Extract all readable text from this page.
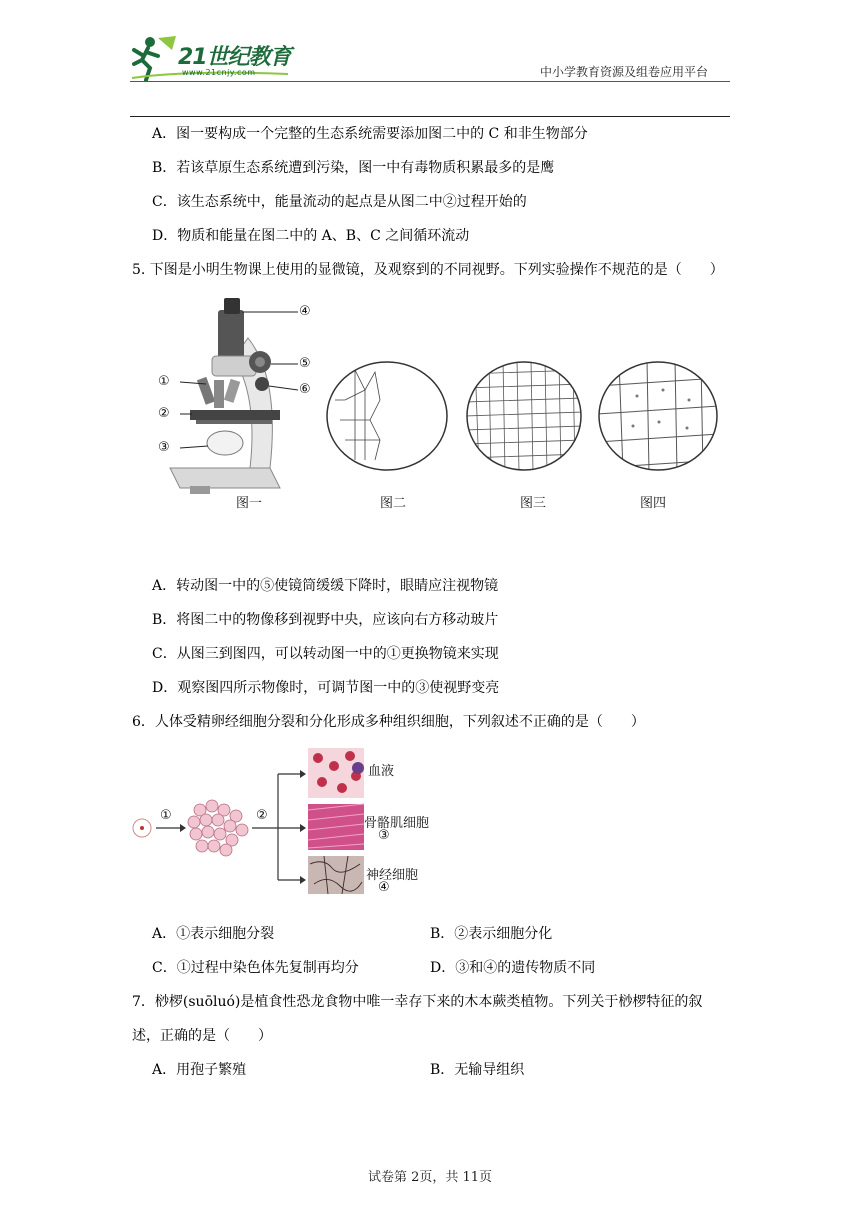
21世纪教育
www.21cnjy.com	中小学教育资源及组卷应用平台
A．图一要构成一个完整的生态系统需要添加图二中的 C 和非生物部分
B．若该草原生态系统遭到污染，图一中有毒物质积累最多的是鹰
C．该生态系统中，能量流动的起点是从图二中②过程开始的
D．物质和能量在图二中的 A、B、C 之间循环流动
5. 下图是小明生物课上使用的显微镜，及观察到的不同视野。下列实验操作不规范的是（　　）
④
⑤
⑥
①
②
③
图一	图二	图三	图四
A．转动图一中的⑤使镜筒缓缓下降时，眼睛应注视物镜
B．将图二中的物像移到视野中央，应该向右方移动玻片
C．从图三到图四，可以转动图一中的①更换物镜来实现
D．观察图四所示物像时，可调节图一中的③使视野变亮
6．人体受精卵经细胞分裂和分化形成多种组织细胞，下列叙述不正确的是（　　）
①	②
血液
骨骼肌细胞
③
神经细胞
④
A．①表示细胞分裂	B．②表示细胞分化
C．①过程中染色体先复制再均分	D．③和④的遗传物质不同
7．桫椤(suōluó)是植食性恐龙食物中唯一幸存下来的木本蕨类植物。下列关于桫椤特征的叙
述，正确的是（　　）
A．用孢子繁殖	B．无输导组织
试卷第 2页，共 11页
